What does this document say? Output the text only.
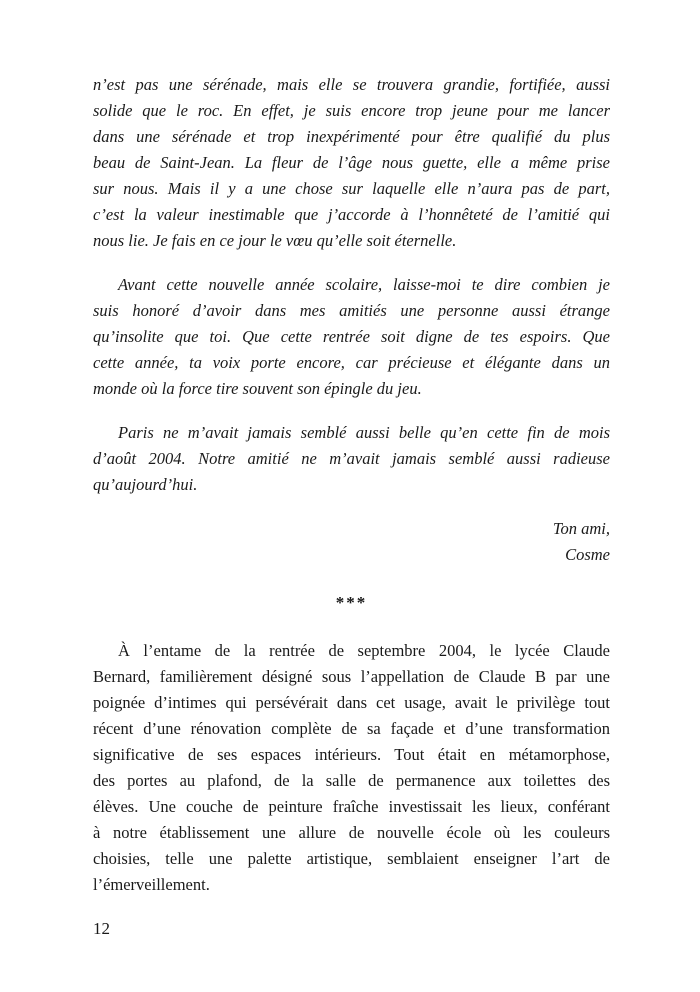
n’est pas une sérénade, mais elle se trouvera grandie, fortifiée, aussi
solide que le roc. En effet, je suis encore trop jeune pour me lancer
dans une sérénade et trop inexpérimenté pour être qualifié du plus
beau de Saint-Jean. La fleur de l’âge nous guette, elle a même prise
sur nous. Mais il y a une chose sur laquelle elle n’aura pas de part,
c’est la valeur inestimable que j’accorde à l’honnêteté de l’amitié qui
nous lie. Je fais en ce jour le vœu qu’elle soit éternelle.

Avant cette nouvelle année scolaire, laisse-moi te dire combien je
suis honoré d’avoir dans mes amitiés une personne aussi étrange
qu’insolite que toi. Que cette rentrée soit digne de tes espoirs. Que
cette année, ta voix porte encore, car précieuse et élégante dans un
monde où la force tire souvent son épingle du jeu.

Paris ne m’avait jamais semblé aussi belle qu’en cette fin de mois
d’août 2004. Notre amitié ne m’avait jamais semblé aussi radieuse
qu’aujourd’hui.

Ton ami,
Cosme
***

À l’entame de la rentrée de septembre 2004, le lycée Claude
Bernard, familièrement désigné sous l’appellation de Claude B par une
poignée d’intimes qui persévérait dans cet usage, avait le privilège tout
récent d’une rénovation complète de sa façade et d’une transformation
significative de ses espaces intérieurs. Tout était en métamorphose,
des portes au plafond, de la salle de permanence aux toilettes des
élèves. Une couche de peinture fraîche investissait les lieux, conférant
à notre établissement une allure de nouvelle école où les couleurs
choisies, telle une palette artistique, semblaient enseigner l’art de
l’émerveillement.

12
